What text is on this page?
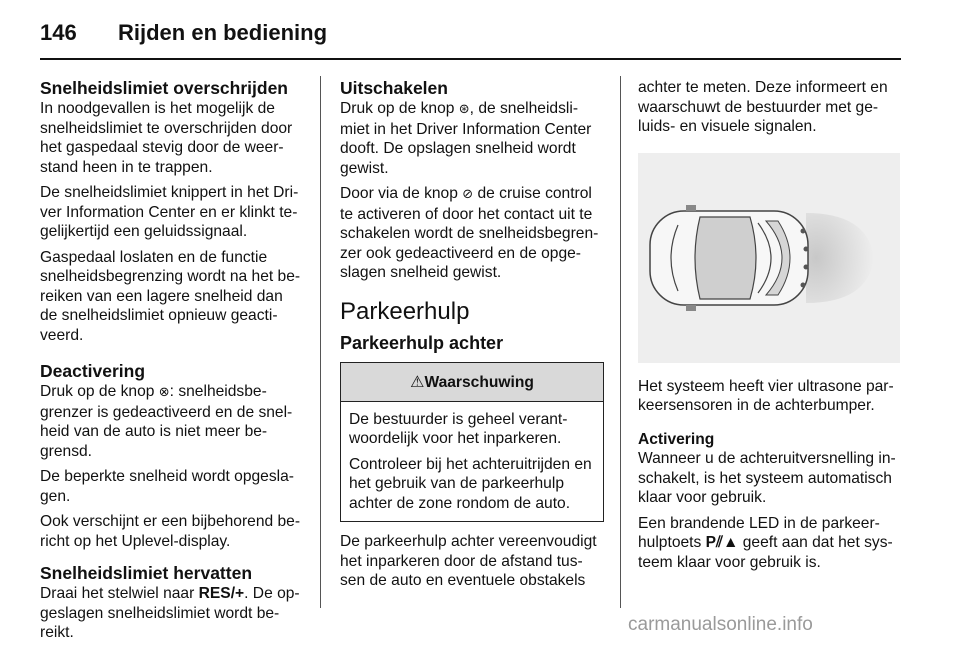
146 Rijden en bediening
Snelheidslimiet overschrijden

In noodgevallen is het mogelijk de snelheidslimiet te overschrijden door het gaspedaal stevig door de weer-stand heen in te trappen.

De snelheidslimiet knippert in het Dri-ver Information Center en er klinkt te-gelijkertijd een geluidssignaal.

Gaspedaal loslaten en de functie snelheidsbegrenzing wordt na het be-reiken van een lagere snelheid dan de snelheidslimiet opnieuw geacti-veerd.

Deactivering

Druk op de knop ⊗: snelheidsbe-grenzer is gedeactiveerd en de snel-heid van de auto is niet meer be-grensd.

De beperkte snelheid wordt opgesla-gen.

Ook verschijnt er een bijbehorend be-richt op het Uplevel-display.

Snelheidslimiet hervatten

Draai het stelwiel naar RES/+. De op-geslagen snelheidslimiet wordt be-reikt.

Uitschakelen

Druk op de knop ⊛, de snelheidsli-miet in het Driver Information Center dooft. De opslagen snelheid wordt gewist.

Door via de knop ⊘ de cruise control te activeren of door het contact uit te schakelen wordt de snelheidsbegren-zer ook gedeactiveerd en de opge-slagen snelheid gewist.

Parkeerhulp
Parkeerhulp achter
⚠Waarschuwing

De bestuurder is geheel verant-woordelijk voor het inparkeren.

Controleer bij het achteruitrijden en het gebruik van de parkeerhulp achter de zone rondom de auto.

De parkeerhulp achter vereenvoudigt het inparkeren door de afstand tus-sen de auto en eventuele obstakels

achter te meten. Deze informeert en waarschuwt de bestuurder met ge-luids- en visuele signalen.

Het systeem heeft vier ultrasone par-keersensoren in de achterbumper.

Activering

Wanneer u de achteruitversnelling in-schakelt, is het systeem automatisch klaar voor gebruik.

Een brandende LED in de parkeer-hulptoets P⫽▲ geeft aan dat het sys-teem klaar voor gebruik is.

carmanualsonline.info
